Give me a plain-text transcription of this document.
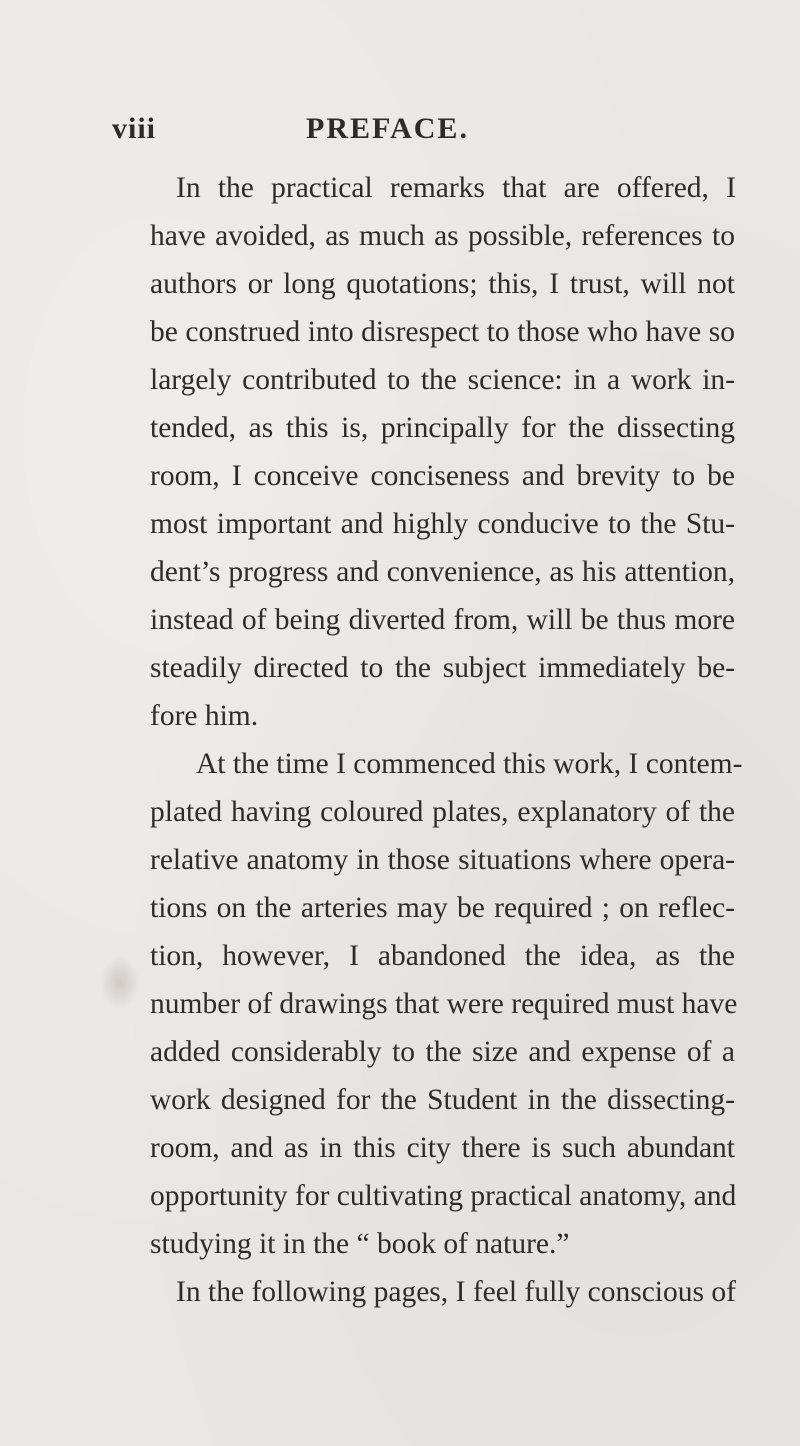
viii	PREFACE.
In the practical remarks that are offered, I
have avoided, as much as possible, references to
authors or long quotations; this, I trust, will not
be construed into disrespect to those who have so
largely contributed to the science: in a work in-
tended, as this is, principally for the dissecting
room, I conceive conciseness and brevity to be
most important and highly conducive to the Stu-
dent’s progress and convenience, as his attention,
instead of being diverted from, will be thus more
steadily directed to the subject immediately be-
fore him.
At the time I commenced this work, I contem-
plated having coloured plates, explanatory of the
relative anatomy in those situations where opera-
tions on the arteries may be required ; on reflec-
tion, however, I abandoned the idea, as the
number of drawings that were required must have
added considerably to the size and expense of a
work designed for the Student in the dissecting-
room, and as in this city there is such abundant
opportunity for cultivating practical anatomy, and
studying it in the “ book of nature.”
In the following pages, I feel fully conscious of
